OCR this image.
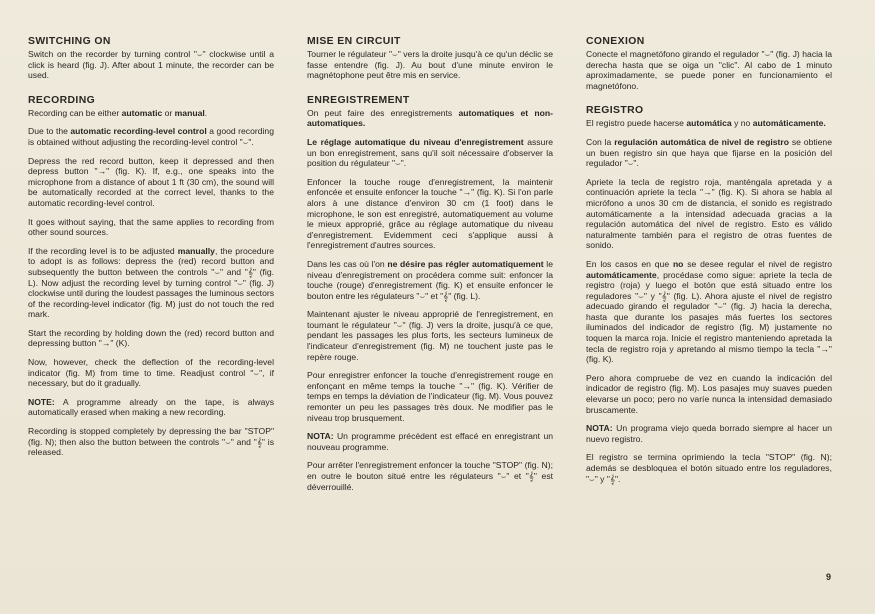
SWITCHING ON

Switch on the recorder by turning control "⌣" clockwise until a click is heard (fig. J). After about 1 minute, the recorder can be used.

RECORDING

Recording can be either automatic or manual.

Due to the automatic recording-level control a good recording is obtained without adjusting the recording-level control "⌣".

Depress the red record button, keep it depressed and then depress button "→" (fig. K). If, e.g., one speaks into the microphone from a distance of about 1 ft (30 cm), the sound will be automatically recorded at the correct level, thanks to the automatic recording-level control.

It goes without saying, that the same applies to recording from other sound sources.

If the recording level is to be adjusted manually, the procedure to adopt is as follows: depress the (red) record button and subsequently the button between the controls "⌣" and "𝄞" (fig. L). Now adjust the recording level by turning control "⌣" (fig. J) clockwise until during the loudest passages the luminous sectors of the recording-level indicator (fig. M) just do not touch the red mark.

Start the recording by holding down the (red) record button and depressing button "→" (K).

Now, however, check the deflection of the recording-level indicator (fig. M) from time to time. Readjust control "⌣", if necessary, but do it gradually.

NOTE: A programme already on the tape, is always automatically erased when making a new recording.

Recording is stopped completely by depressing the bar "STOP" (fig. N); then also the button between the controls "⌣" and "𝄞" is released.

MISE EN CIRCUIT

Tourner le régulateur "⌣" vers la droite jusqu'à ce qu'un déclic se fasse entendre (fig. J). Au bout d'une minute environ le magnétophone peut être mis en service.

ENREGISTREMENT

On peut faire des enregistrements automatiques et non-automatiques.

Le réglage automatique du niveau d'enregistrement assure un bon enregistrement, sans qu'il soit nécessaire d'observer la position du régulateur "⌣".

Enfoncer la touche rouge d'enregistrement, la maintenir enfoncée et ensuite enfoncer la touche "→" (fig. K). Si l'on parle alors à une distance d'environ 30 cm (1 foot) dans le microphone, le son est enregistré, automatiquement au volume le mieux approprié, grâce au réglage automatique du niveau d'enregistrement. Evidemment ceci s'applique aussi à l'enregistrement d'autres sources.

Dans les cas où l'on ne désire pas régler automatiquement le niveau d'enregistrement on procédera comme suit: enfoncer la touche (rouge) d'enregistrement (fig. K) et ensuite enfoncer le bouton entre les régulateurs "⌣" et "𝄞" (fig. L).

Maintenant ajuster le niveau approprié de l'enregistrement, en tournant le régulateur "⌣" (fig. J) vers la droite, jusqu'à ce que, pendant les passages les plus forts, les secteurs lumineux de l'indicateur d'enregistrement (fig. M) ne touchent juste pas le repère rouge.

Pour enregistrer enfoncer la touche d'enregistrement rouge en enfonçant en même temps la touche "→" (fig. K). Vérifier de temps en temps la déviation de l'indicateur (fig. M). Vous pouvez remonter un peu les passages très doux. Ne modifier pas le niveau trop brusquement.

NOTA: Un programme précédent est effacé en enregistrant un nouveau programme.

Pour arrêter l'enregistrement enfoncer la touche "STOP" (fig. N); en outre le bouton situé entre les régulateurs "⌣" et "𝄞" est déverrouillé.

CONEXION

Conecte el magnetófono girando el regulador "⌣" (fig. J) hacia la derecha hasta que se oiga un "clic". Al cabo de 1 minuto aproximadamente, se puede poner en funcionamiento el magnetófono.

REGISTRO

El registro puede hacerse automática y no automáticamente.

Con la regulación automática de nivel de registro se obtiene un buen registro sin que haya que fijarse en la posición del regulador "⌣".

Apriete la tecla de registro roja, manténgala apretada y a continuación apriete la tecla "→" (fig. K). Si ahora se habla al micrófono a unos 30 cm de distancia, el sonido es registrado automáticamente a la intensidad adecuada gracias a la regulación automática del nivel de registro. Esto es válido naturalmente también para el registro de otras fuentes de sonido.

En los casos en que no se desee regular el nivel de registro automáticamente, procédase como sigue: apriete la tecla de registro (roja) y luego el botón que está situado entre los reguladores "⌣" y "𝄞" (fig. L). Ahora ajuste el nivel de registro adecuado girando el regulador "⌣" (fig. J) hacia la derecha, hasta que durante los pasajes más fuertes los sectores iluminados del indicador de registro (fig. M) justamente no toquen la marca roja. Inicie el registro manteniendo apretada la tecla de registro roja y apretando al mismo tiempo la tecla "→" (fig. K).

Pero ahora compruebe de vez en cuando la indicación del indicador de registro (fig. M). Los pasajes muy suaves pueden elevarse un poco; pero no varíe nunca la intensidad demasiado bruscamente.

NOTA: Un programa viejo queda borrado siempre al hacer un nuevo registro.

El registro se termina oprimiendo la tecla "STOP" (fig. N); además se desbloquea el botón situado entre los reguladores, "⌣" y "𝄞".

9
